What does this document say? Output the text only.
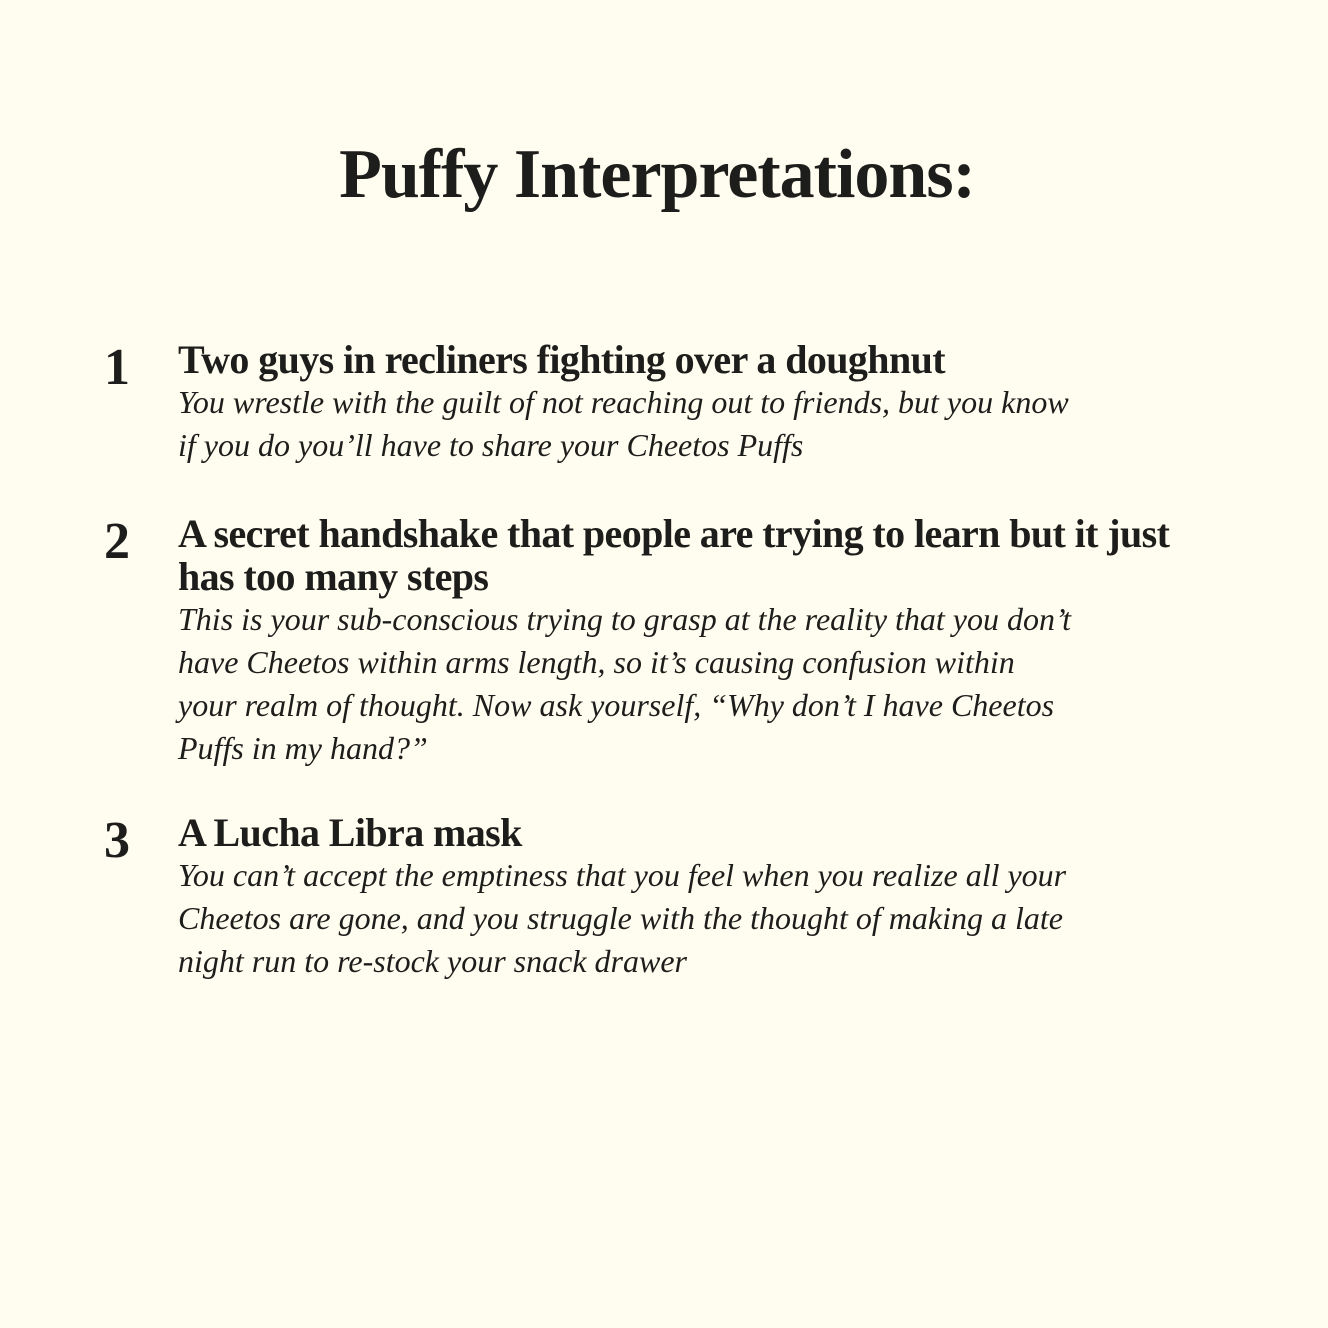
Puffy Interpretations:
1 Two guys in recliners fighting over a doughnut

You wrestle with the guilt of not reaching out to friends, but you know if you do you’ll have to share your Cheetos Puffs

2 A secret handshake that people are trying to learn but it just has too many steps

This is your sub-conscious trying to grasp at the reality that you don’t have Cheetos within arms length, so it’s causing confusion within your realm of thought. Now ask yourself, “Why don’t I have Cheetos Puffs in my hand?”

3 A Lucha Libra mask

You can’t accept the emptiness that you feel when you realize all your Cheetos are gone, and you struggle with the thought of making a late night run to re-stock your snack drawer
